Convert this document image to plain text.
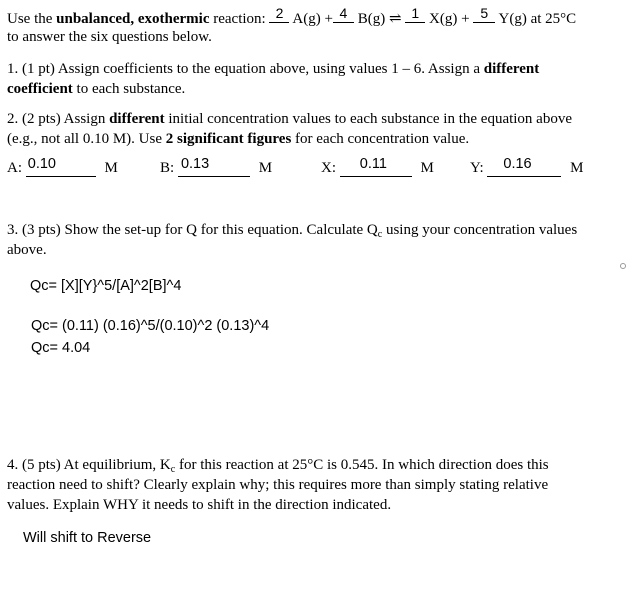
Use the unbalanced, exothermic reaction: 2 A(g) + 4 B(g) ⇌ 1 X(g) + 5 Y(g) at 25°C
to answer the six questions below.
1. (1 pt) Assign coefficients to the equation above, using values 1 – 6. Assign a different
coefficient to each substance.
2. (2 pts) Assign different initial concentration values to each substance in the equation above
(e.g., not all 0.10 M). Use 2 significant figures for each concentration value.
A: 0.10	M	B: 0.13	M	X: 0.11 M Y: 0.16	M
3. (3 pts) Show the set-up for Q for this equation. Calculate $Q_c$ using your concentration values
above.
Qc= [X][Y}^5/[A]^2[B]^4
Qc= (0.11) (0.16)^5/(0.10)^2 (0.13)^4
Qc= 4.04
4. (5 pts) At equilibrium, $K_c$ for this reaction at 25°C is 0.545. In which direction does this
reaction need to shift? Clearly explain why; this requires more than simply stating relative
values. Explain WHY it needs to shift in the direction indicated.
Will shift to Reverse
